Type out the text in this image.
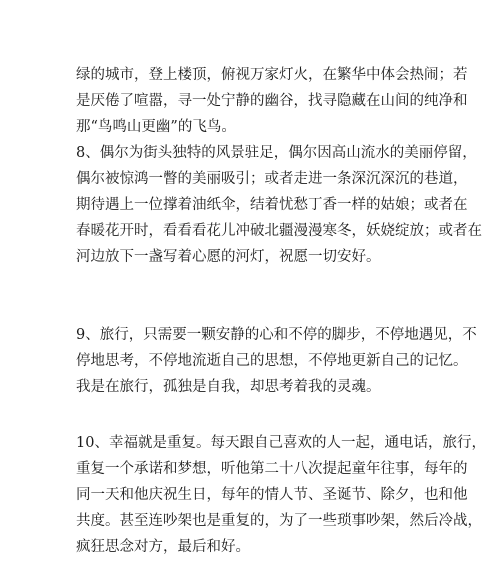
绿的城市，登上楼顶，俯视万家灯火，在繁华中体会热闹；若
是厌倦了喧嚣，寻一处宁静的幽谷，找寻隐藏在山间的纯净和
那“鸟鸣山更幽”的飞鸟。

8、偶尔为街头独特的风景驻足，偶尔因高山流水的美丽停留，
偶尔被惊鸿一瞥的美丽吸引；或者走进一条深沉深沉的巷道，
期待遇上一位撑着油纸伞，结着忧愁丁香一样的姑娘；或者在
春暖花开时，看看看花儿冲破北疆漫漫寒冬，妖娆绽放；或者在
河边放下一盏写着心愿的河灯，祝愿一切安好。

9、旅行，只需要一颗安静的心和不停的脚步，不停地遇见，不
停地思考，不停地流逝自己的思想，不停地更新自己的记忆。
我是在旅行，孤独是自我，却思考着我的灵魂。

10、幸福就是重复。每天跟自己喜欢的人一起，通电话，旅行，
重复一个承诺和梦想，听他第二十八次提起童年往事，每年的
同一天和他庆祝生日，每年的情人节、圣诞节、除夕，也和他
共度。甚至连吵架也是重复的，为了一些琐事吵架，然后冷战，
疯狂思念对方，最后和好。
